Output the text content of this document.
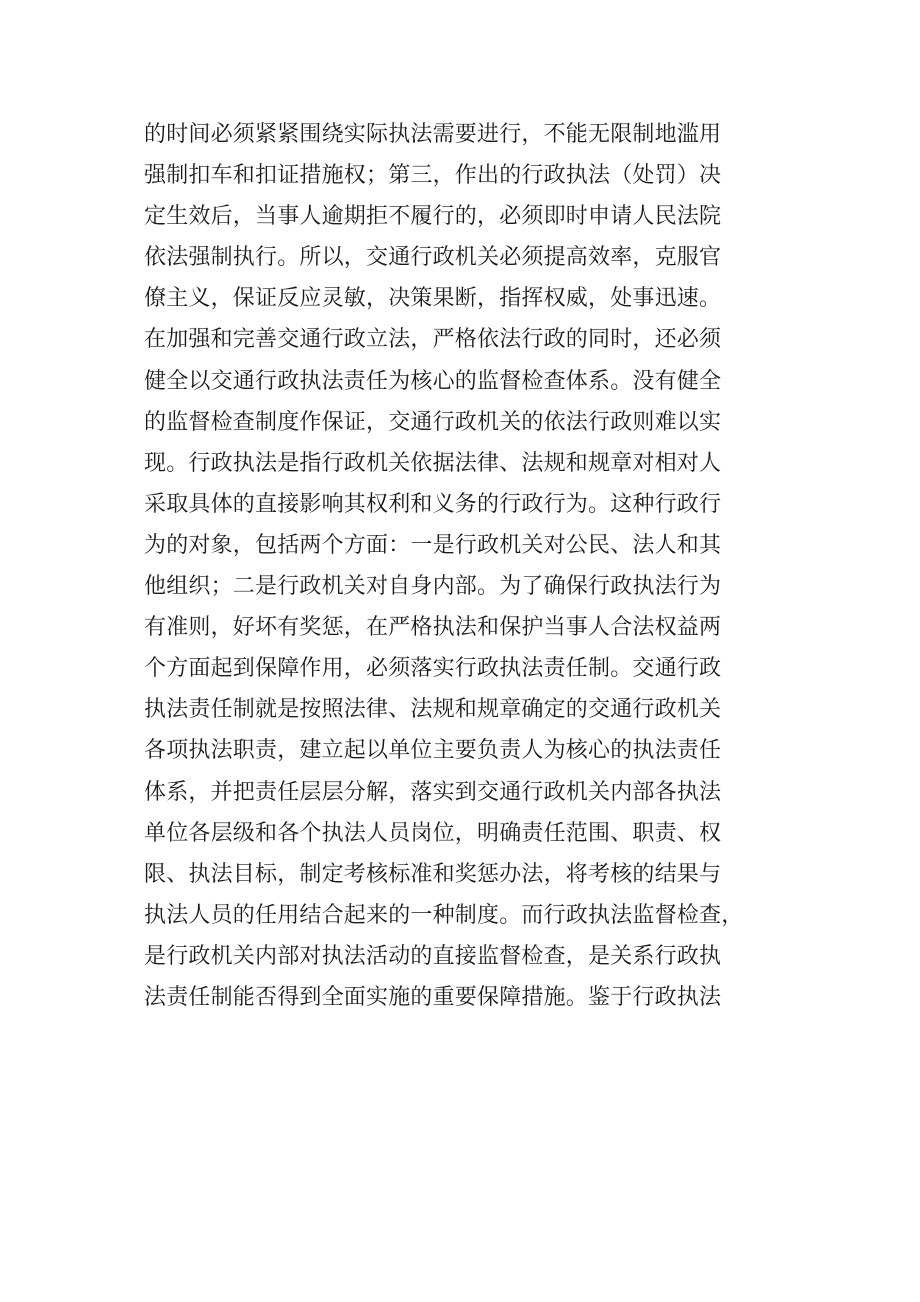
的时间必须紧紧围绕实际执法需要进行，不能无限制地滥用
强制扣车和扣证措施权；第三，作出的行政执法（处罚）决
定生效后，当事人逾期拒不履行的，必须即时申请人民法院
依法强制执行。所以，交通行政机关必须提高效率，克服官
僚主义，保证反应灵敏，决策果断，指挥权威，处事迅速。
在加强和完善交通行政立法，严格依法行政的同时，还必须
健全以交通行政执法责任为核心的监督检查体系。没有健全
的监督检查制度作保证，交通行政机关的依法行政则难以实
现。行政执法是指行政机关依据法律、法规和规章对相对人
采取具体的直接影响其权利和义务的行政行为。这种行政行
为的对象，包括两个方面：一是行政机关对公民、法人和其
他组织；二是行政机关对自身内部。为了确保行政执法行为
有准则，好坏有奖惩，在严格执法和保护当事人合法权益两
个方面起到保障作用，必须落实行政执法责任制。交通行政
执法责任制就是按照法律、法规和规章确定的交通行政机关
各项执法职责，建立起以单位主要负责人为核心的执法责任
体系，并把责任层层分解，落实到交通行政机关内部各执法
单位各层级和各个执法人员岗位，明确责任范围、职责、权
限、执法目标，制定考核标准和奖惩办法，将考核的结果与
执法人员的任用结合起来的一种制度。而行政执法监督检查，
是行政机关内部对执法活动的直接监督检查，是关系行政执
法责任制能否得到全面实施的重要保障措施。鉴于行政执法
